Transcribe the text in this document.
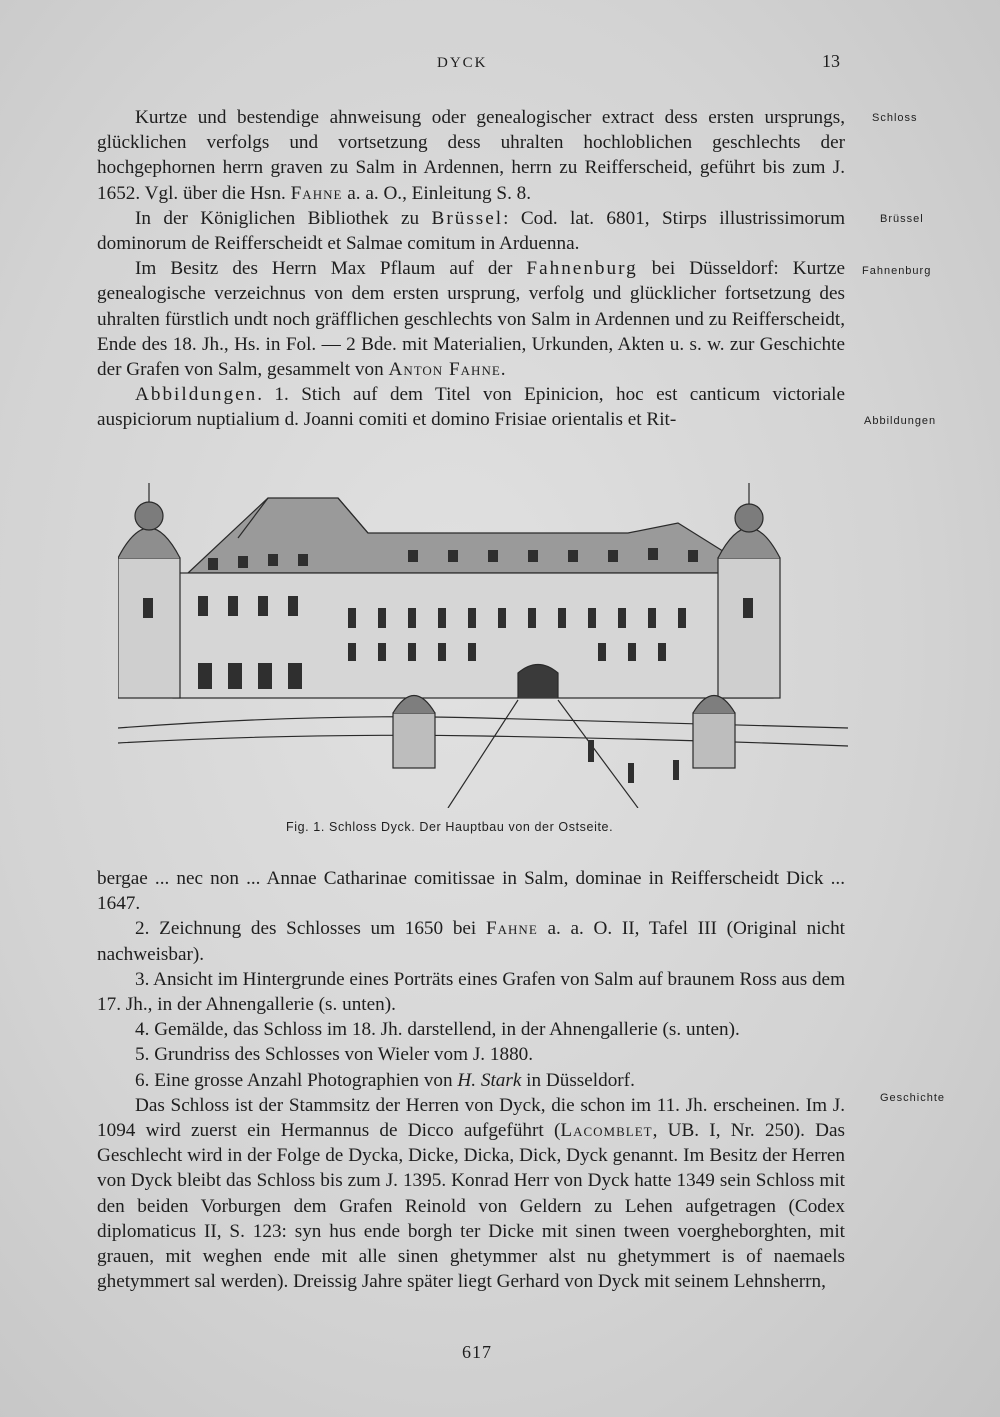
DYCK	13
Schloss
Brüssel
Fahnenburg
Abbildungen
Geschichte

Kurtze und bestendige ahnweisung oder genealogischer extract dess ersten ursprungs, glücklichen verfolgs und vortsetzung dess uhralten hochloblichen geschlechts der hochgephornen herrn graven zu Salm in Ardennen, herrn zu Reifferscheid, geführt bis zum J. 1652. Vgl. über die Hsn. Fahne a. a. O., Einleitung S. 8.

In der Königlichen Bibliothek zu Brüssel: Cod. lat. 6801, Stirps illustrissimorum dominorum de Reifferscheidt et Salmae comitum in Arduenna.

Im Besitz des Herrn Max Pflaum auf der Fahnenburg bei Düsseldorf: Kurtze genealogische verzeichnus von dem ersten ursprung, verfolg und glücklicher fortsetzung des uhralten fürstlich undt noch gräfflichen geschlechts von Salm in Ardennen und zu Reifferscheidt, Ende des 18. Jh., Hs. in Fol. — 2 Bde. mit Materialien, Urkunden, Akten u. s. w. zur Geschichte der Grafen von Salm, gesammelt von Anton Fahne.

Abbildungen. 1. Stich auf dem Titel von Epinicion, hoc est canticum victoriale auspiciorum nuptialium d. Joanni comiti et domino Frisiae orientalis et Rit-

Fig. 1. Schloss Dyck. Der Hauptbau von der Ostseite.

bergae ... nec non ... Annae Catharinae comitissae in Salm, dominae in Reifferscheidt Dick ... 1647.

2. Zeichnung des Schlosses um 1650 bei Fahne a. a. O. II, Tafel III (Original nicht nachweisbar).

3. Ansicht im Hintergrunde eines Porträts eines Grafen von Salm auf braunem Ross aus dem 17. Jh., in der Ahnengallerie (s. unten).

4. Gemälde, das Schloss im 18. Jh. darstellend, in der Ahnengallerie (s. unten).

5. Grundriss des Schlosses von Wieler vom J. 1880.

6. Eine grosse Anzahl Photographien von H. Stark in Düsseldorf.

Das Schloss ist der Stammsitz der Herren von Dyck, die schon im 11. Jh. erscheinen. Im J. 1094 wird zuerst ein Hermannus de Dicco aufgeführt (Lacomblet, UB. I, Nr. 250). Das Geschlecht wird in der Folge de Dycka, Dicke, Dicka, Dick, Dyck genannt. Im Besitz der Herren von Dyck bleibt das Schloss bis zum J. 1395. Konrad Herr von Dyck hatte 1349 sein Schloss mit den beiden Vorburgen dem Grafen Reinold von Geldern zu Lehen aufgetragen (Codex diplomaticus II, S. 123: syn hus ende borgh ter Dicke mit sinen tween voergheborghten, mit grauen, mit weghen ende mit alle sinen ghetymmer alst nu ghetymmert is of naemaels ghetymmert sal werden). Dreissig Jahre später liegt Gerhard von Dyck mit seinem Lehnsherrn,

617
